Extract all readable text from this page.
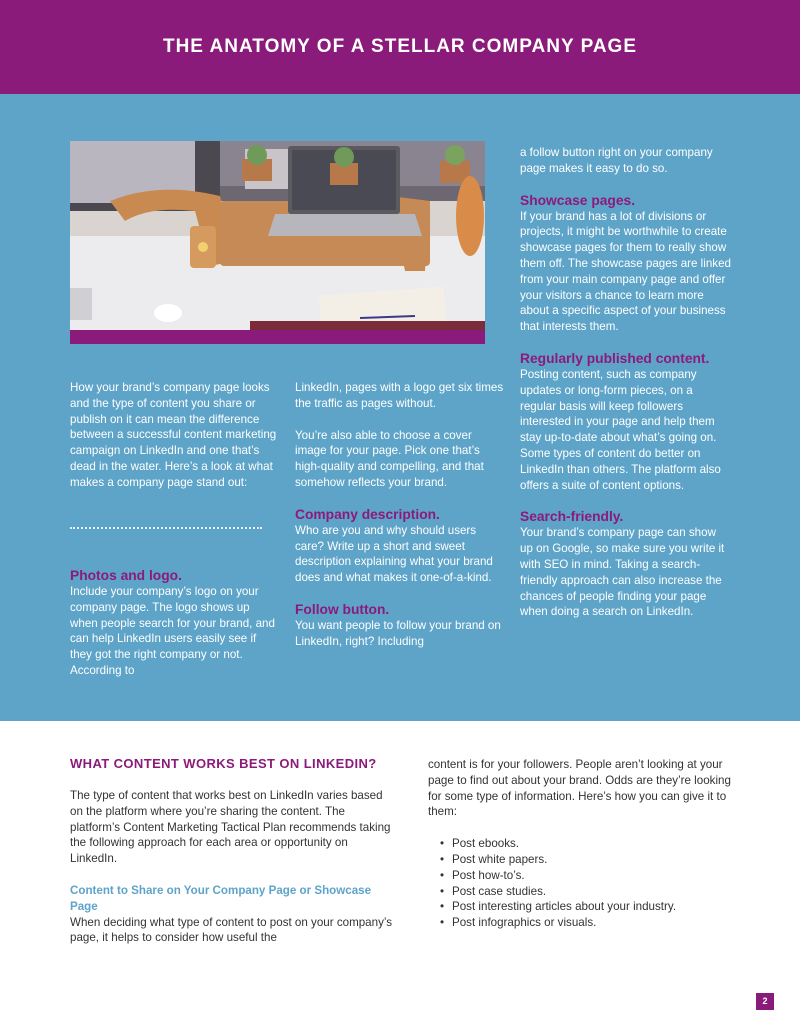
THE ANATOMY OF A STELLAR COMPANY PAGE

How your brand’s company page looks and the type of content you share or publish on it can mean the difference between a successful content marketing campaign on LinkedIn and one that’s dead in the water. Here’s a look at what makes a company page stand out:

Photos and logo.

Include your company’s logo on your company page. The logo shows up when people search for your brand, and can help LinkedIn users easily see if they got the right company or not. According to

LinkedIn, pages with a logo get six times the traffic as pages without.

You’re also able to choose a cover image for your page. Pick one that’s high-quality and compelling, and that somehow reflects your brand.

Company description.

Who are you and why should users care? Write up a short and sweet description explaining what your brand does and what makes it one-of-a-kind.

Follow button.

You want people to follow your brand on LinkedIn, right? Including

a follow button right on your company page makes it easy to do so.

Showcase pages.

If your brand has a lot of divisions or projects, it might be worthwhile to create showcase pages for them to really show them off. The showcase pages are linked from your main company page and offer your visitors a chance to learn more about a specific aspect of your business that interests them.

Regularly published content.

Posting content, such as company updates or long-form pieces, on a regular basis will keep followers interested in your page and help them stay up-to-date about what’s going on. Some types of content do better on LinkedIn than others. The platform also offers a suite of content options.

Search-friendly.

Your brand’s company page can show up on Google, so make sure you write it with SEO in mind. Taking a search-friendly approach can also increase the chances of people finding your page when doing a search on LinkedIn.

WHAT CONTENT WORKS BEST ON LINKEDIN?

The type of content that works best on LinkedIn varies based on the platform where you’re sharing the content. The platform’s Content Marketing Tactical Plan recommends taking the following approach for each area or opportunity on LinkedIn.

Content to Share on Your Company Page or Showcase Page

When deciding what type of content to post on your company’s page, it helps to consider how useful the

content is for your followers. People aren’t looking at your page to find out about your brand. Odds are they’re looking for some type of information. Here’s how you can give it to them:

• Post ebooks.
• Post white papers.
• Post how-to’s.
• Post case studies.
• Post interesting articles about your industry.
• Post infographics or visuals.
2
